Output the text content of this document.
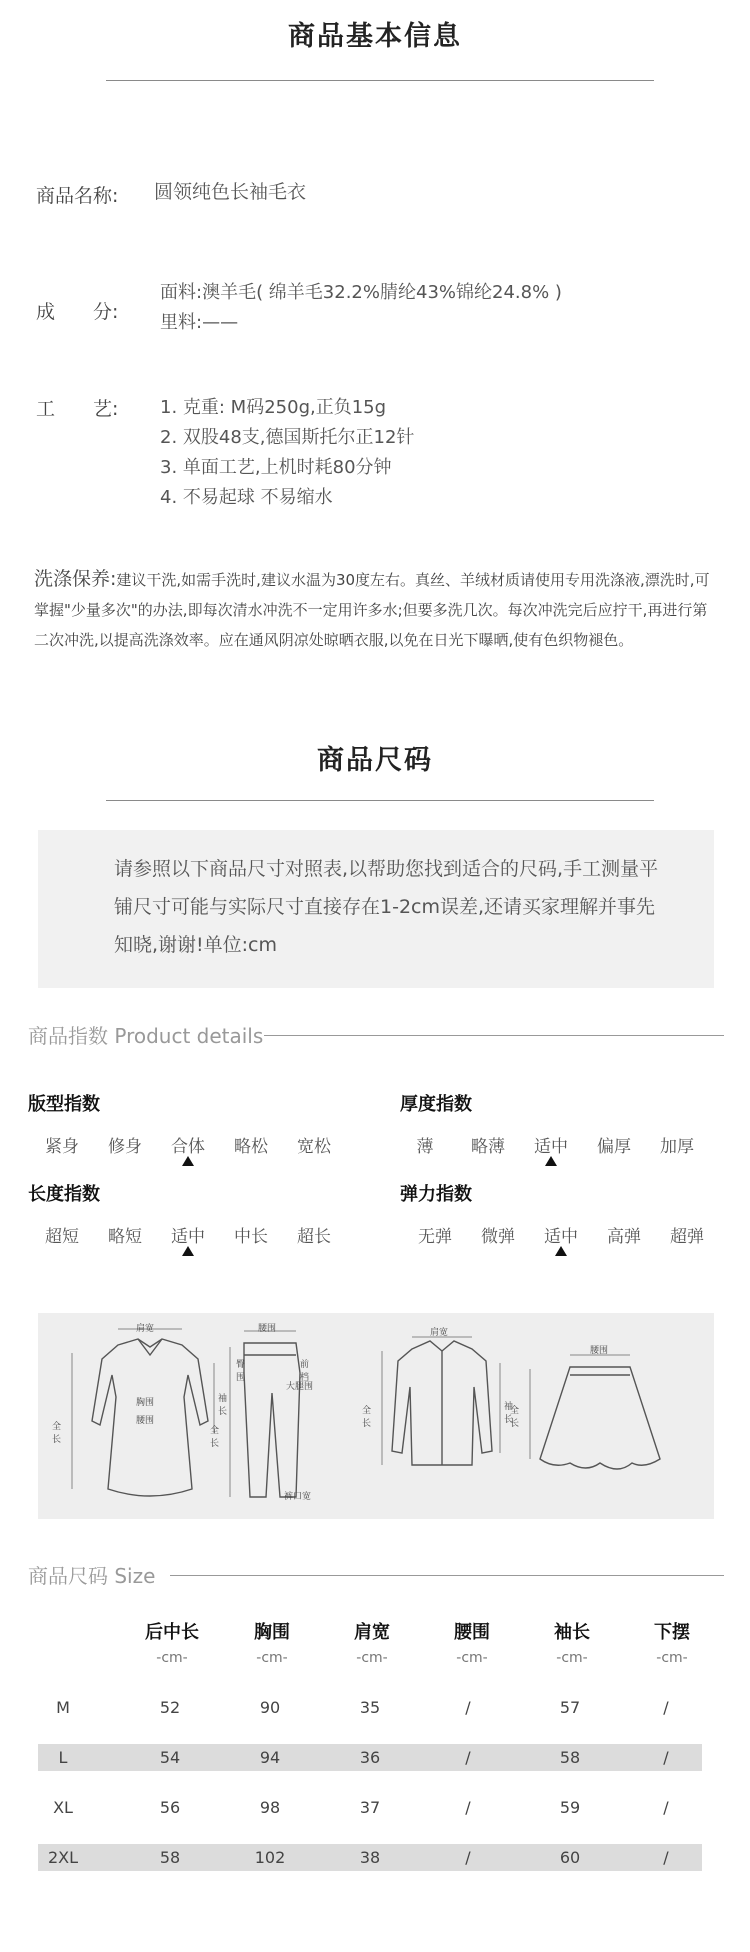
商品基本信息
商品名称: 圆领纯色长袖毛衣
成　　分:
面料:澳羊毛( 绵羊毛32.2%腈纶43%锦纶24.8% )
里料:——
工　　艺: 1. 克重: M码250g,正负15g
2. 双股48支,德国斯托尔正12针
3. 单面工艺,上机时耗80分钟
4. 不易起球 不易缩水
洗涤保养:建议干洗,如需手洗时,建议水温为30度左右。真丝、羊绒材质请使用专用洗涤液,漂洗时,可掌握"少量多次"的办法,即每次清水冲洗不一定用许多水;但要多洗几次。每次冲洗完后应拧干,再进行第二次冲洗,以提高洗涤效率。应在通风阴凉处晾晒衣服,以免在日光下曝晒,使有色织物褪色。
商品尺码

请参照以下商品尺寸对照表,以帮助您找到适合的尺码,手工测量平铺尺寸可能与实际尺寸直接存在1-2cm误差,还请买家理解并事先知晓,谢谢!单位:cm

商品指数 Product details
版型指数
紧身	修身	合体	略松	宽松
厚度指数
薄	略薄	适中	偏厚	加厚
长度指数
超短	略短	适中	中长	超长
弹力指数
无弹	微弹	适中	高弹	超弹
肩宽
胸围
腰围
全长
袖长
腰围
臀围
前档
大腿围
全长
裤口宽
肩宽
全长
袖长
腰围
全长
商品尺码 Size
后中长	胸围	肩宽	腰围	袖长	下摆
-cm-	-cm-	-cm-	-cm-	-cm-	-cm-
M	52	90	35	/	57	/
L	54	94	36	/	58	/
XL	56	98	37	/	59	/
2XL	58	102	38	/	60	/
